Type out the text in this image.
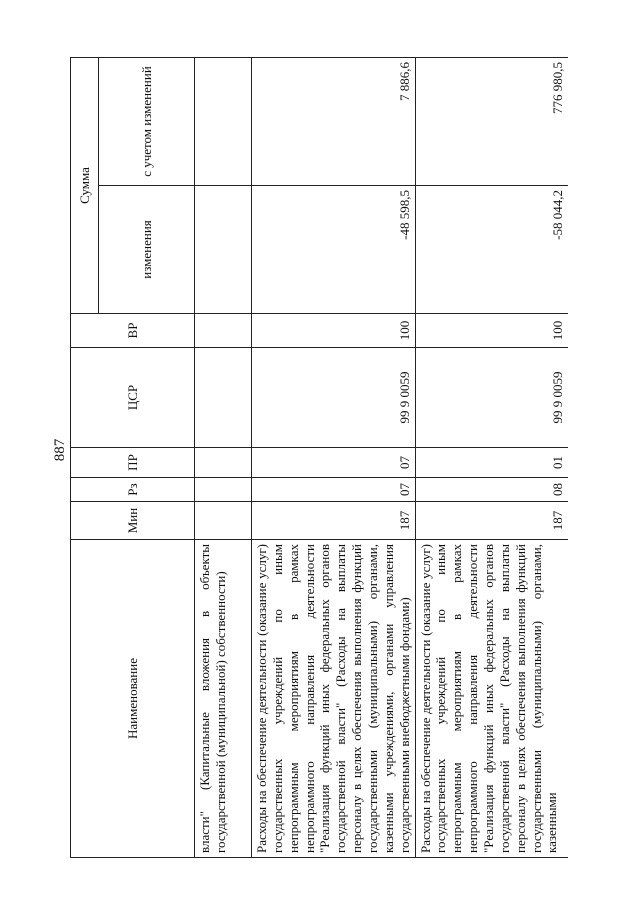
887
Наименование	Мин	Рз	ПР	ЦСР	ВР	Сумма	
						изменения	с учетом изменений
власти" (Капитальные вложения в объекты государственной (муниципальной) собственности)							
Расходы на обеспечение деятельности (оказание услуг) государственных учреждений по иным непрограммным мероприятиям в рамках непрограммного направления деятельности "Реализация функций иных федеральных органов государственной власти" (Расходы на выплаты персоналу в целях обеспечения выполнения функций государственными (муниципальными) органами, казенными учреждениями, органами управления государственными внебюджетными фондами)	187	07	07	99 9 0059	100	-48 598,5	7 886,6
Расходы на обеспечение деятельности (оказание услуг) государственных учреждений по иным непрограммным мероприятиям в рамках непрограммного направления деятельности "Реализация функций иных федеральных органов государственной власти" (Расходы на выплаты персоналу в целях обеспечения выполнения функций государственными (муниципальными) органами, казенными	187	08	01	99 9 0059	100	-58 044,2	776 980,5
